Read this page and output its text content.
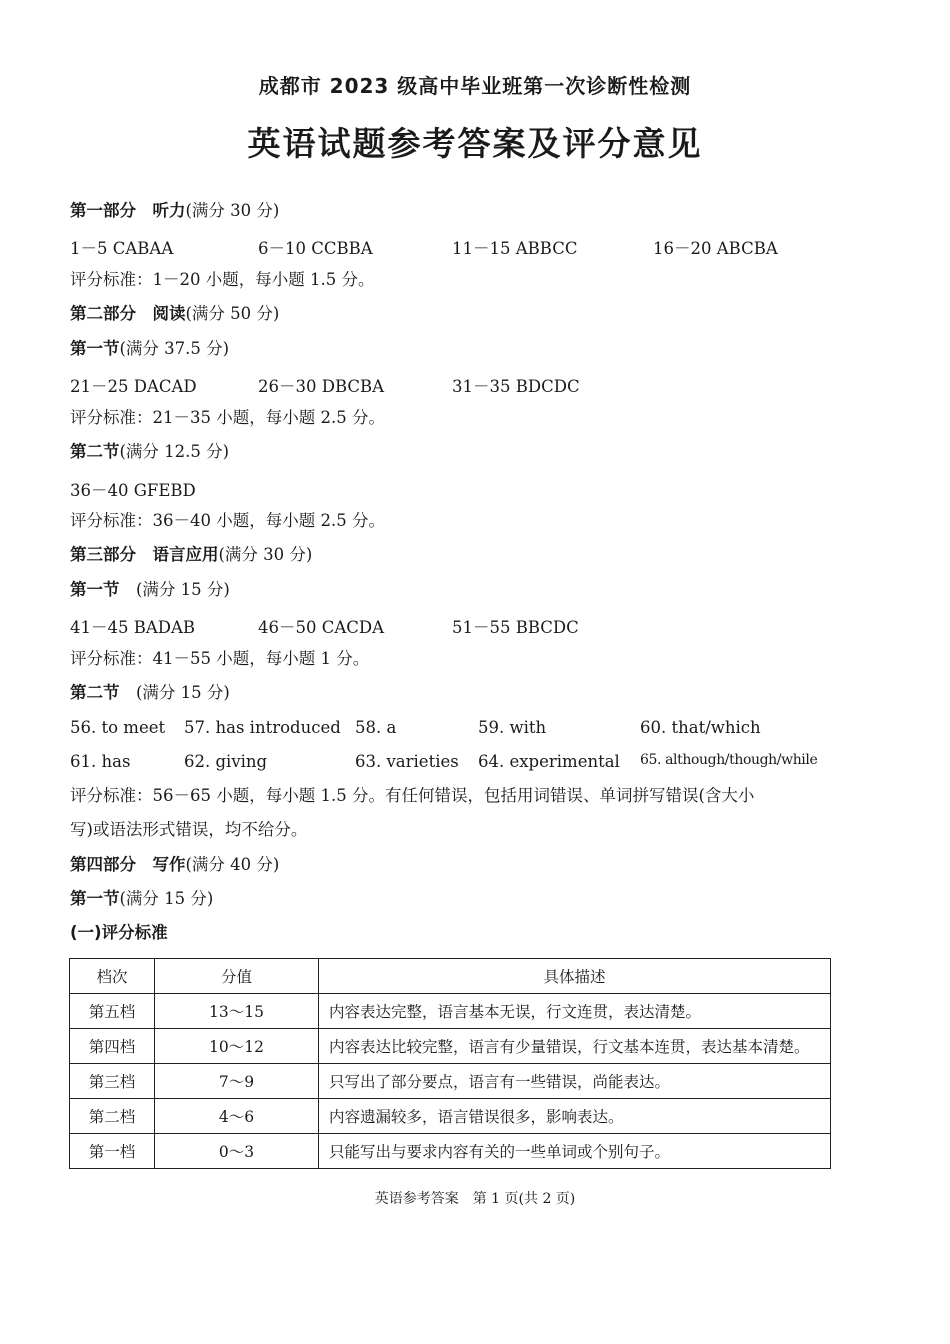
成都市 2023 级高中毕业班第一次诊断性检测
英语试题参考答案及评分意见
第一部分　听力(满分 30 分)
1－5 CABAA	6－10 CCBBA	11－15 ABBCC	16－20 ABCBA
评分标准：1－20 小题，每小题 1.5 分。
第二部分　阅读(满分 50 分)
第一节(满分 37.5 分)
21－25 DACAD	26－30 DBCBA	31－35 BDCDC
评分标准：21－35 小题，每小题 2.5 分。
第二节(满分 12.5 分)
36－40 GFEBD
评分标准：36－40 小题，每小题 2.5 分。
第三部分　语言应用(满分 30 分)
第一节　(满分 15 分)
41－45 BADAB	46－50 CACDA	51－55 BBCDC
评分标准：41－55 小题，每小题 1 分。
第二节　(满分 15 分)
56. to meet 57. has introduced 58. a	59. with	60. that/which
61. has	62. giving	63. varieties 64. experimental 65. although/though/while
评分标准：56－65 小题，每小题 1.5 分。有任何错误，包括用词错误、单词拼写错误(含大小
写)或语法形式错误，均不给分。
第四部分　写作(满分 40 分)
第一节(满分 15 分)
(一)评分标准
档次	分值	具体描述
第五档	13～15	内容表达完整，语言基本无误，行文连贯，表达清楚。
第四档	10～12	内容表达比较完整，语言有少量错误，行文基本连贯，表达基本清楚。
第三档	7～9	只写出了部分要点，语言有一些错误，尚能表达。
第二档	4～6	内容遗漏较多，语言错误很多，影响表达。
第一档	0～3	只能写出与要求内容有关的一些单词或个别句子。
英语参考答案　第 1 页(共 2 页)
